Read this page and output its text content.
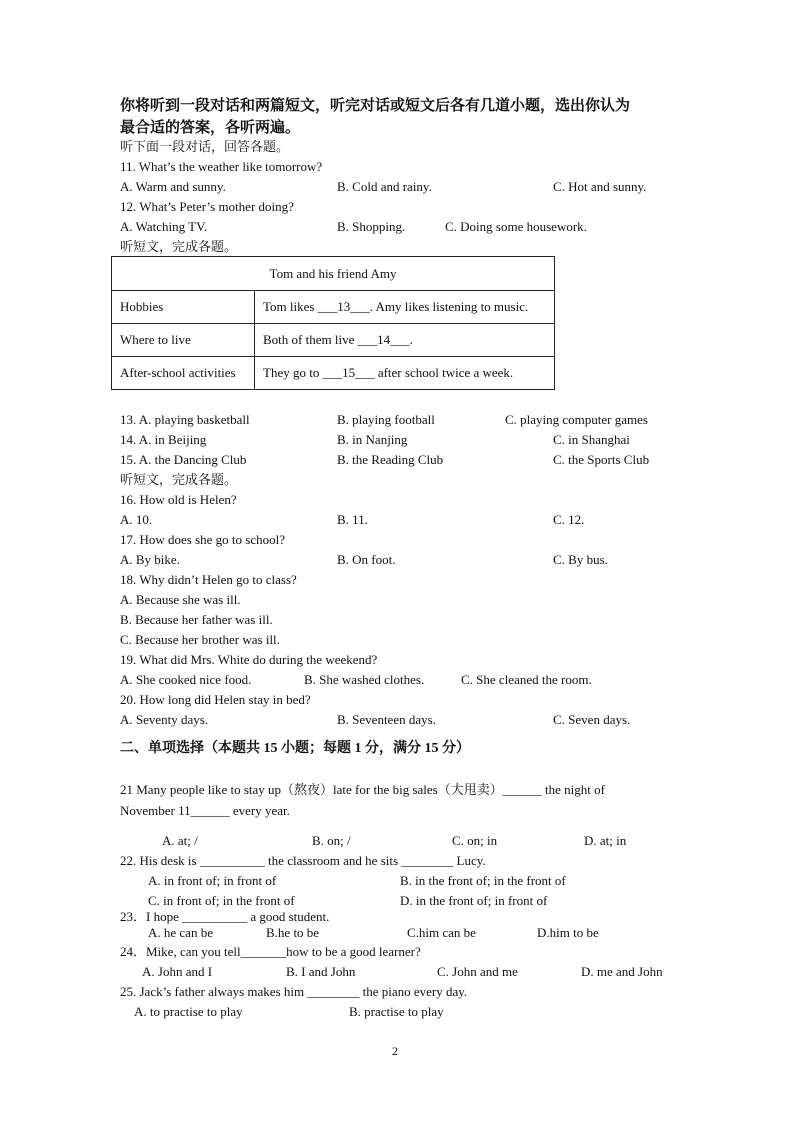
你将听到一段对话和两篇短文，听完对话或短文后各有几道小题，选出你认为
最合适的答案，各听两遍。
听下面一段对话，回答各题。
11. What’s the weather like tomorrow?
A. Warm and sunny.	B. Cold and rainy.	C. Hot and sunny.
12. What’s Peter’s mother doing?
A. Watching TV.	B. Shopping.	C. Doing some housework.
听短文，完成各题。
Tom and his friend Amy	
Hobbies	Tom likes ___13___. Amy likes listening to music.
Where to live	Both of them live ___14___.
After-school activities	They go to ___15___ after school twice a week.
13. A. playing basketball	B. playing football	C. playing computer games
14. A. in Beijing	B. in Nanjing	C. in Shanghai
15. A. the Dancing Club	B. the Reading Club	C. the Sports Club
听短文，完成各题。
16. How old is Helen?
A. 10.	B. 11.	C. 12.
17. How does she go to school?
A. By bike.	B. On foot.	C. By bus.
18. Why didn’t Helen go to class?
A. Because she was ill.
B. Because her father was ill.
C. Because her brother was ill.
19. What did Mrs. White do during the weekend?
A. She cooked nice food.	B. She washed clothes.	C. She cleaned the room.
20. How long did Helen stay in bed?
A. Seventy days.	B. Seventeen days.	C. Seven days.
二、单项选择（本题共 15 小题；每题 1 分，满分 15 分）
21 Many people like to stay up（熬夜）late for the big sales（大甩卖）______ the night of
November 11______ every year.
A. at; /	B. on; /	C. on; in	D. at; in
22. His desk is __________ the classroom and he sits ________ Lucy.
A. in front of; in front of	B. in the front of; in the front of
C. in front of; in the front of	D. in the front of; in front of
23．I hope __________ a good student.
A. he can be	B.he to be	C.him can be	D.him to be
24．Mike, can you tell_______how to be a good learner?
A. John and I	B. I and John	C. John and me	D. me and John
25. Jack’s father always makes him ________ the piano every day.
A. to practise to play	B. practise to play
2
